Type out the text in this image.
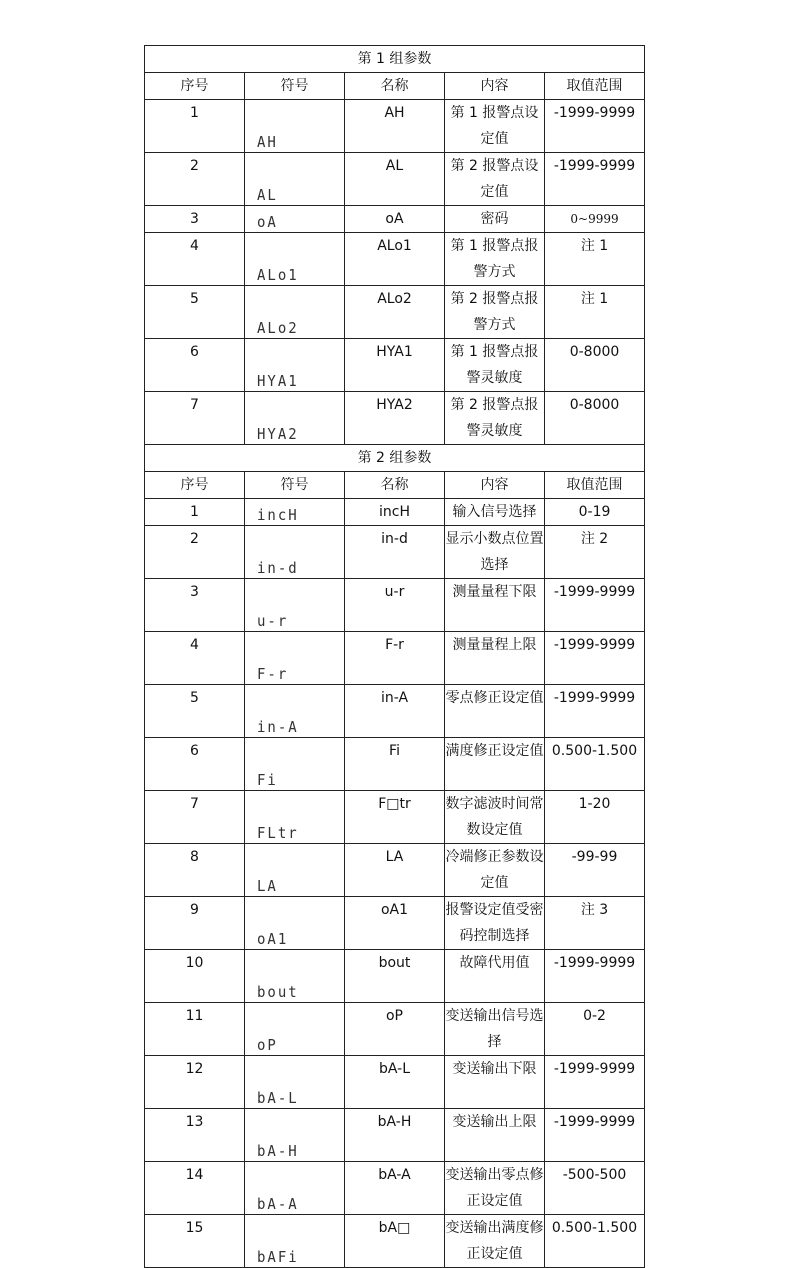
第 1 组参数				
序号	符号	名称	内容	取值范围
1	AH	AH	第 1 报警点设定值	-1999-9999

2	AL	AL	第 2 报警点设定值	-1999-9999

3	oA	oA	密码	0~9999

4	ALo1	ALo1	第 1 报警点报警方式	注 1

5	ALo2	ALo2	第 2 报警点报警方式	注 1

6	HYA1	HYA1	第 1 报警点报警灵敏度	0-8000

7	HYA2	HYA2	第 2 报警点报警灵敏度	0-8000

第 2 组参数				
序号	符号	名称	内容	取值范围
1	incH	incH	输入信号选择	0-19

2	in-d	in-d	显示小数点位置选择	注 2

3	u-r	u-r	测量量程下限	-1999-9999

4	F-r	F-r	测量量程上限	-1999-9999

5	in-A	in-A	零点修正设定值	-1999-9999

6	Fi	Fi	满度修正设定值	0.500-1.500

7	FLtr	F□tr	数字滤波时间常数设定值	1-20

8	LA	LA	冷端修正参数设定值	-99-99

9	oA1	oA1	报警设定值受密码控制选择	注 3

10	bout	bout	故障代用值	-1999-9999

11	oP	oP	变送输出信号选择	0-2

12	bA-L	bA-L	变送输出下限	-1999-9999

13	bA-H	bA-H	变送输出上限	-1999-9999

14	bA-A	bA-A	变送输出零点修正设定值	-500-500

15	bAFi	bA□	变送输出满度修正设定值	0.500-1.500
